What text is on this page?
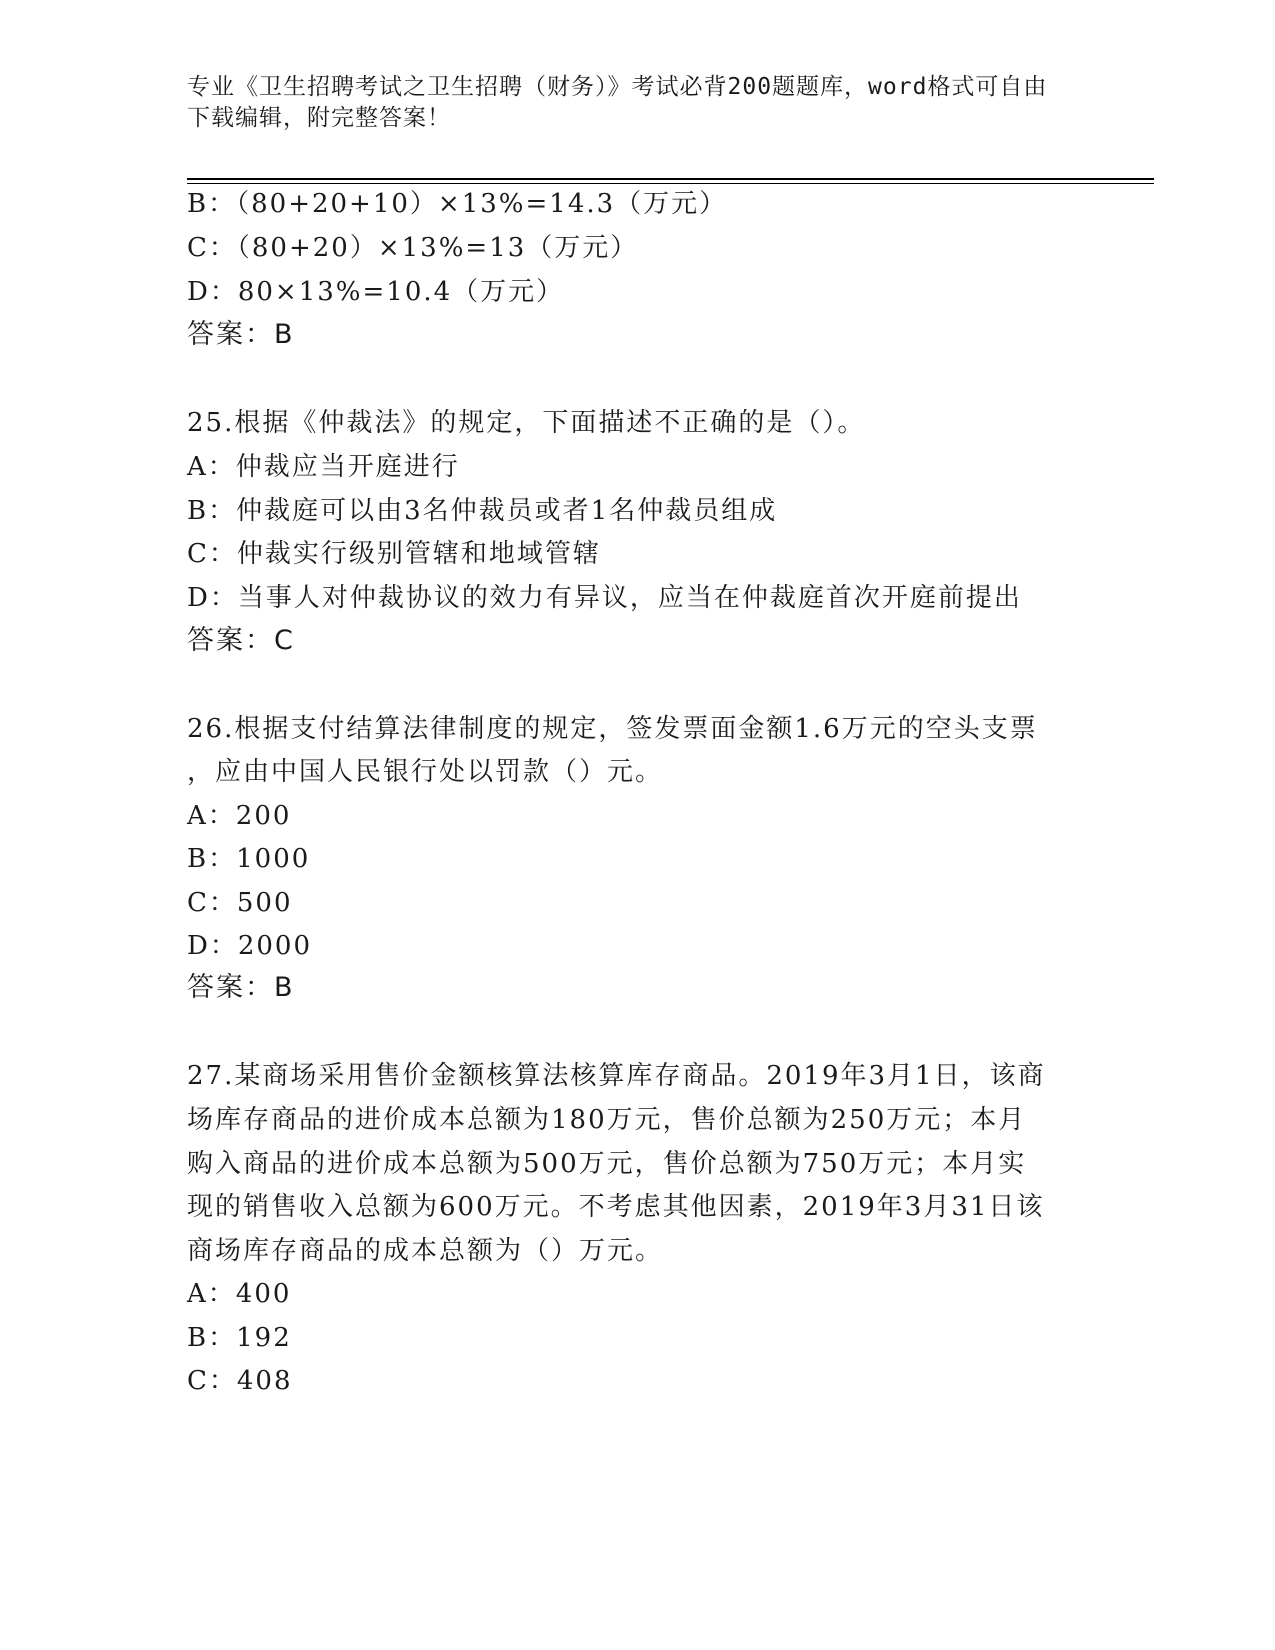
专业《卫生招聘考试之卫生招聘（财务）》考试必背200题题库，word格式可自由下载编辑，附完整答案！
B：（80+20+10）×13%=14.3（万元）
C：（80+20）×13%=13（万元）
D：80×13%=10.4（万元）
答案：B
25.根据《仲裁法》的规定，下面描述不正确的是（）。
A：仲裁应当开庭进行
B：仲裁庭可以由3名仲裁员或者1名仲裁员组成
C：仲裁实行级别管辖和地域管辖
D：当事人对仲裁协议的效力有异议，应当在仲裁庭首次开庭前提出
答案：C
26.根据支付结算法律制度的规定，签发票面金额1.6万元的空头支票
，应由中国人民银行处以罚款（）元。
A：200
B：1000
C：500
D：2000
答案：B
27.某商场采用售价金额核算法核算库存商品。2019年3月1日，该商
场库存商品的进价成本总额为180万元，售价总额为250万元；本月
购入商品的进价成本总额为500万元，售价总额为750万元；本月实
现的销售收入总额为600万元。不考虑其他因素，2019年3月31日该
商场库存商品的成本总额为（）万元。
A：400
B：192
C：408
